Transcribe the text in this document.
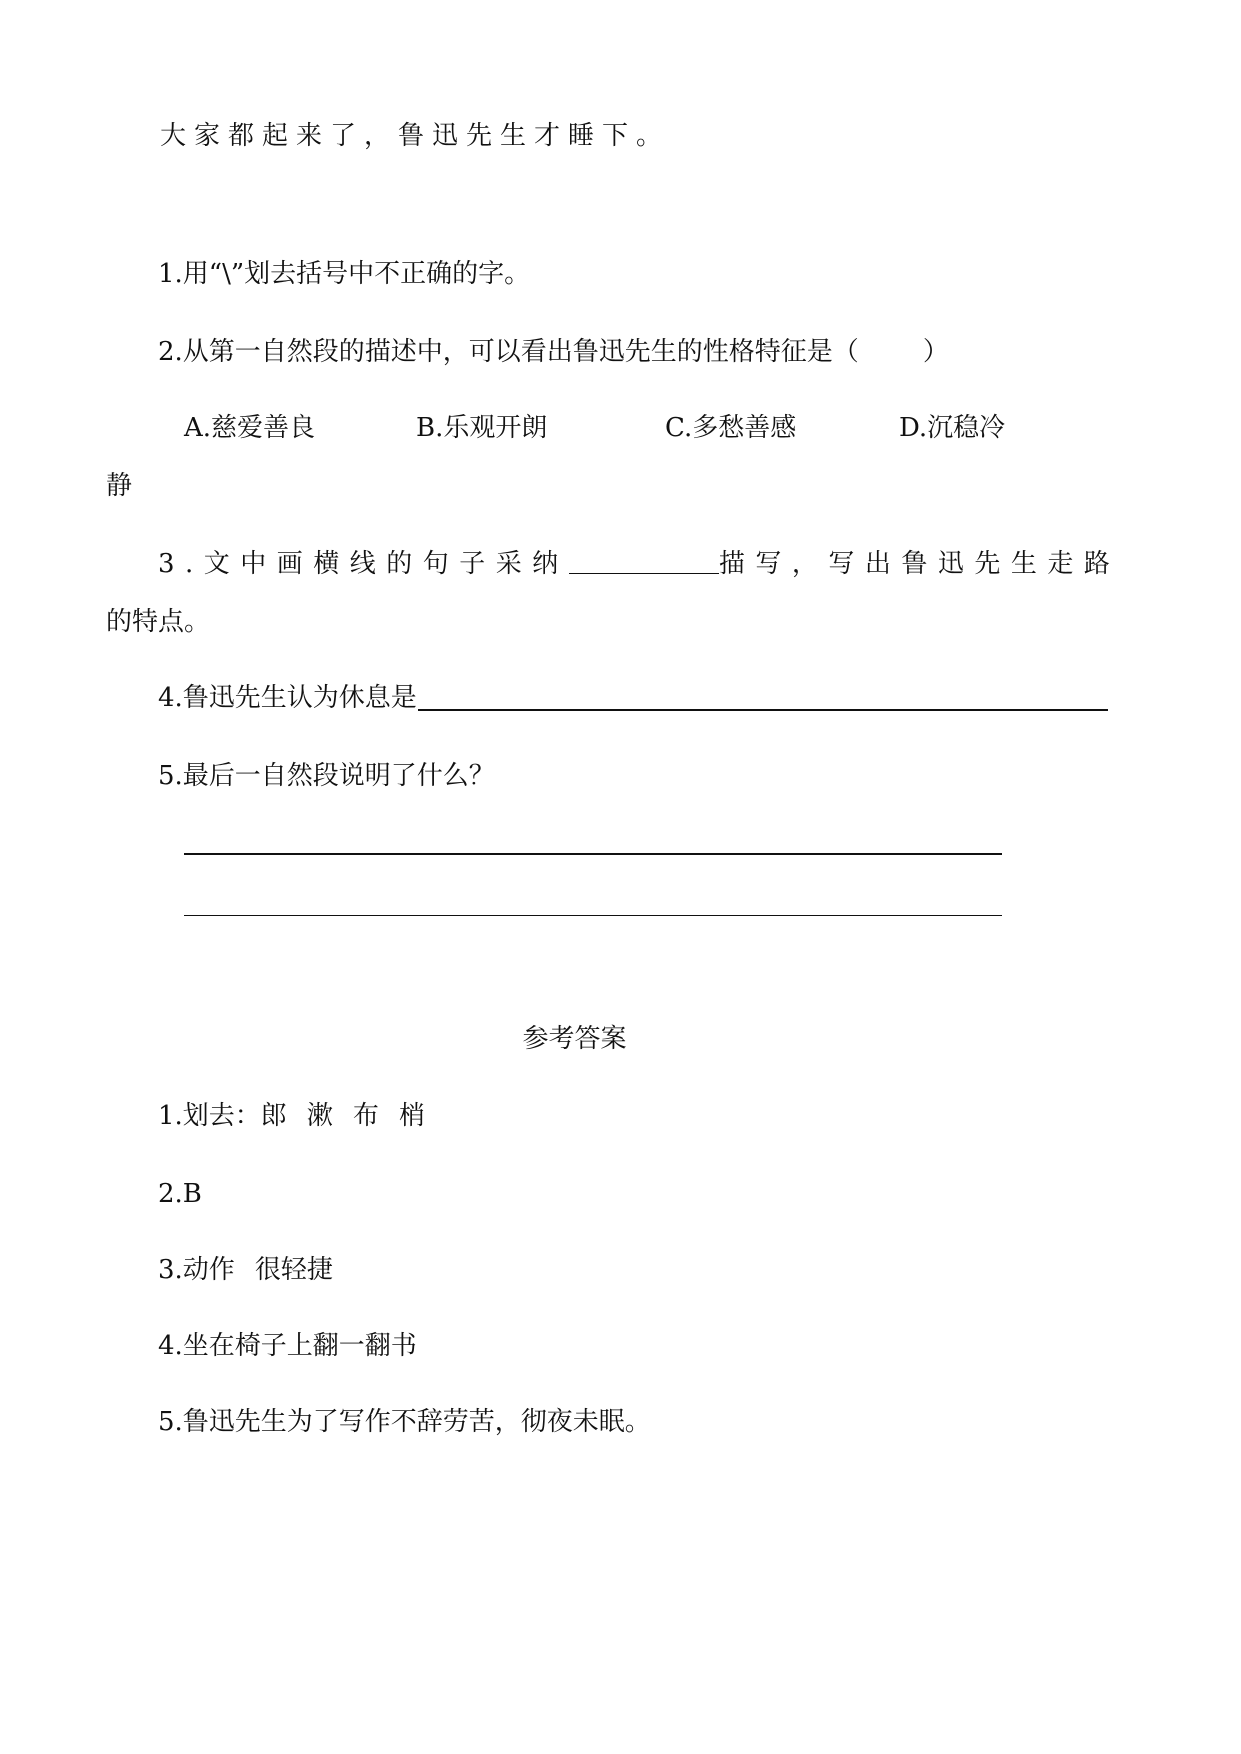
大家都起来了，鲁迅先生才睡下。
1.用“\”划去括号中不正确的字。
2.从第一自然段的描述中，可以看出鲁迅先生的性格特征是（ ）
A.慈爱善良	B.乐观开朗	C.多愁善感	D.沉稳冷
静
3.文中画横线的句子采纳	描写，写出鲁迅先生走路
的特点。
4.鲁迅先生认为休息是
5.最后一自然段说明了什么？
参考答案
1.划去：郎 漱 布 梢
2.B
3.动作 很轻捷
4.坐在椅子上翻一翻书
5.鲁迅先生为了写作不辞劳苦，彻夜未眠。
